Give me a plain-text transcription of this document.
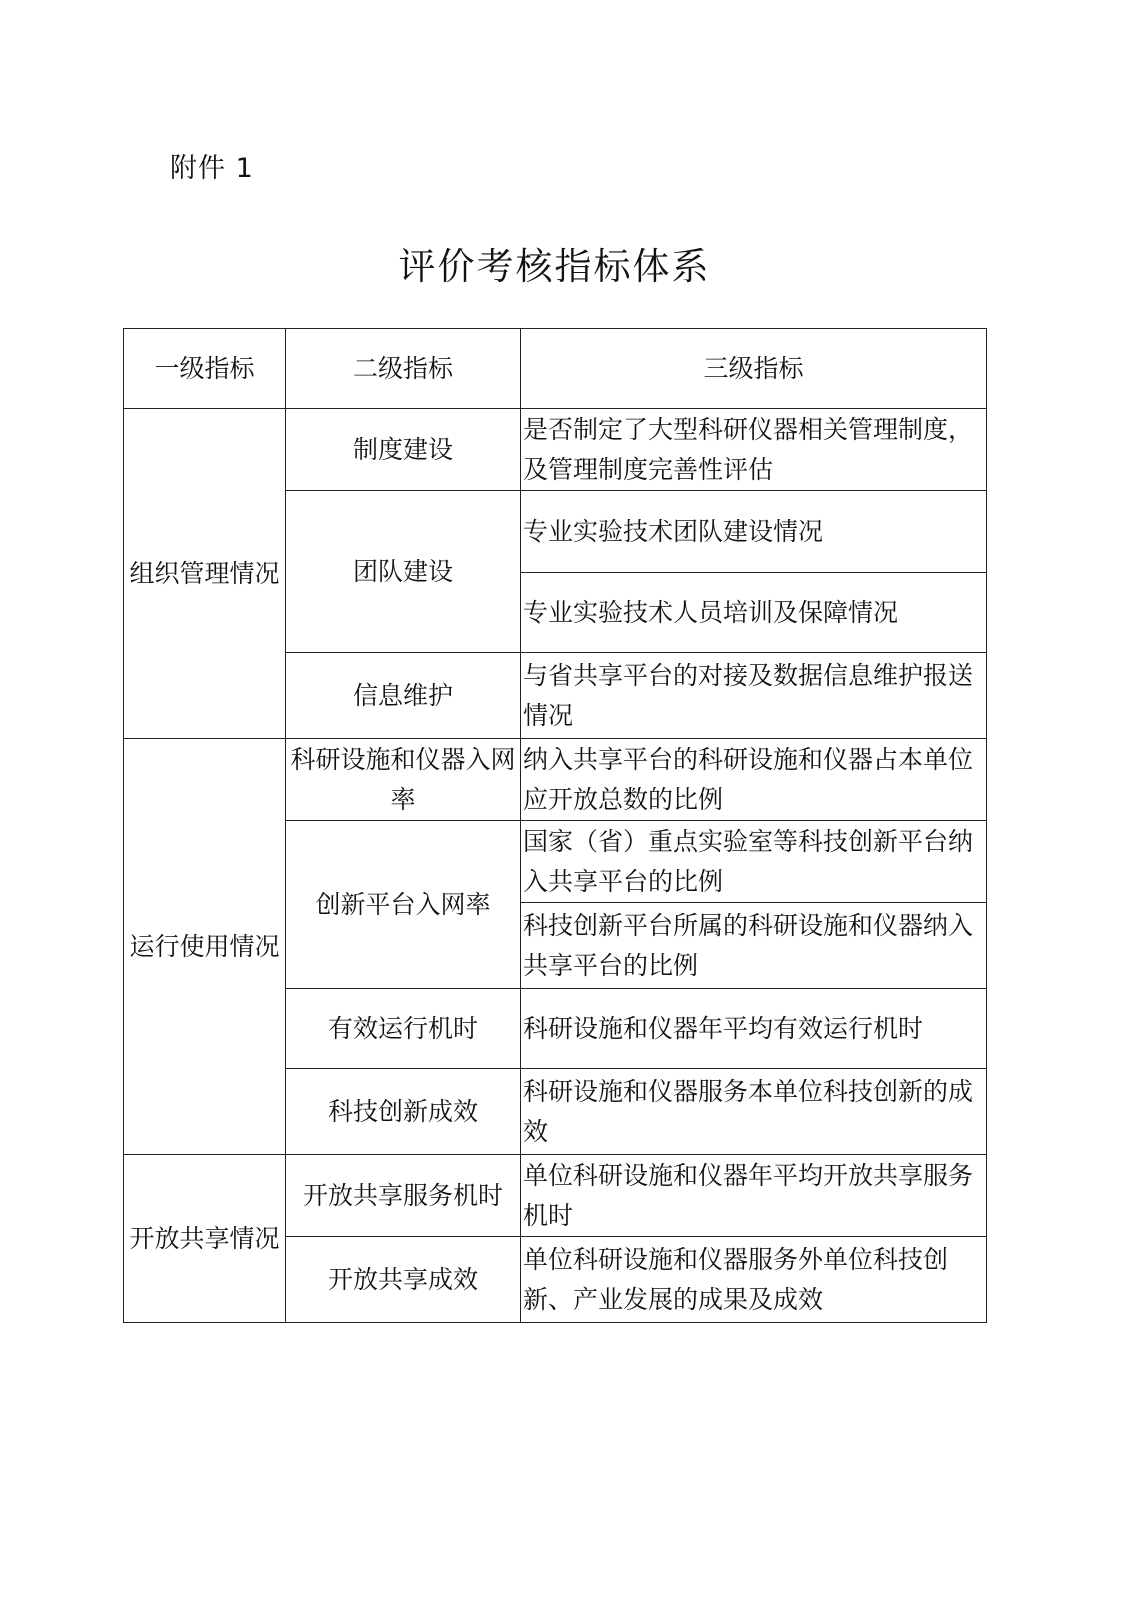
附件 1
评价考核指标体系
一级指标	二级指标	三级指标
组织管理情况	制度建设	是否制定了大型科研仪器相关管理制度，及管理制度完善性评估
	团队建设	专业实验技术团队建设情况
		专业实验技术人员培训及保障情况
	信息维护	与省共享平台的对接及数据信息维护报送情况
运行使用情况	科研设施和仪器入网率	纳入共享平台的科研设施和仪器占本单位应开放总数的比例
	创新平台入网率	国家（省）重点实验室等科技创新平台纳入共享平台的比例
		科技创新平台所属的科研设施和仪器纳入共享平台的比例
	有效运行机时	科研设施和仪器年平均有效运行机时
	科技创新成效	科研设施和仪器服务本单位科技创新的成效
开放共享情况	开放共享服务机时	单位科研设施和仪器年平均开放共享服务机时
	开放共享成效	单位科研设施和仪器服务外单位科技创新、产业发展的成果及成效
